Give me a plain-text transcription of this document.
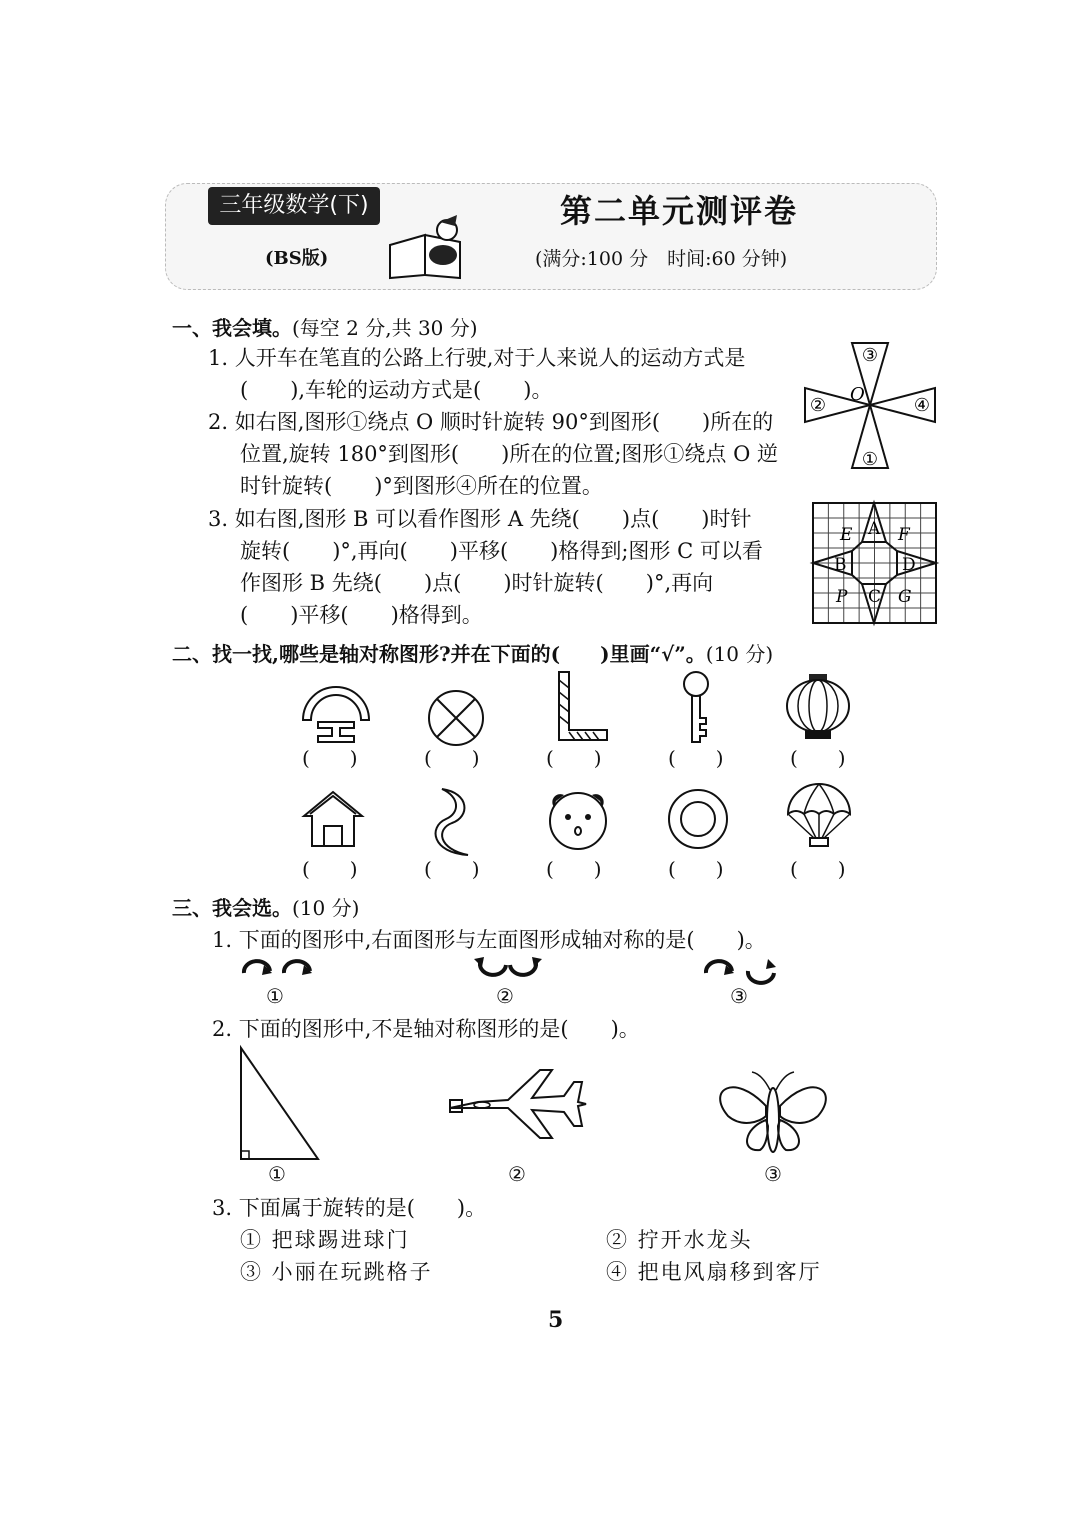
三年级数学(下)
(BS版)
第二单元测评卷
(满分:100 分　时间:60 分钟)
一、我会填。(每空 2 分,共 30 分)
1. 人开车在笔直的公路上行驶,对于人来说人的运动方式是
(　　),车轮的运动方式是(　　)。
2. 如右图,图形①绕点 O 顺时针旋转 90°到图形(　　)所在的
位置,旋转 180°到图形(　　)所在的位置;图形①绕点 O 逆
时针旋转(　　)°到图形④所在的位置。
3. 如右图,图形 B 可以看作图形 A 先绕(　　)点(　　)时针
旋转(　　)°,再向(　　)平移(　　)格得到;图形 C 可以看
作图形 B 先绕(　　)点(　　)时针旋转(　　)°,再向
(　　)平移(　　)格得到。
③
②	④
①
O
E A F
B	D
P C G
二、找一找,哪些是轴对称图形?并在下面的(　　)里画“√”。(10 分)
(　　)	(　　)	(　　)	(　　)	(　　)
(　　)	(　　)	(　　)	(　　)	(　　)
三、我会选。(10 分)
1. 下面的图形中,右面图形与左面图形成轴对称的是(　　)。
①	②	③
2. 下面的图形中,不是轴对称图形的是(　　)。
①	②	③
3. 下面属于旋转的是(　　)。
① 把球踢进球门	② 拧开水龙头
③ 小丽在玩跳格子	④ 把电风扇移到客厅
5
